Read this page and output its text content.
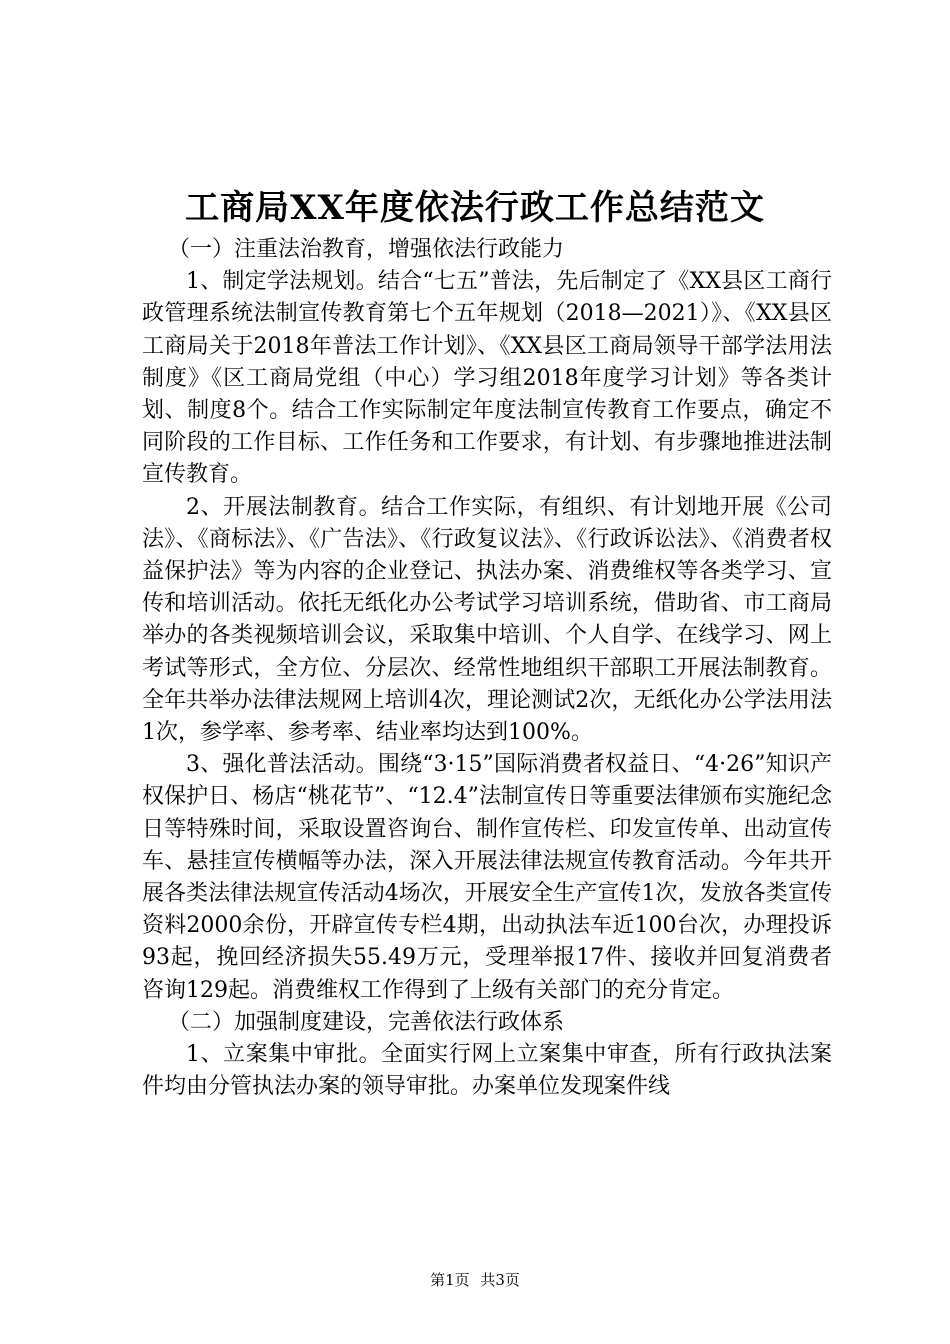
工商局XX年度依法行政工作总结范文

（一）注重法治教育，增强依法行政能力

1、制定学法规划。结合“七五”普法，先后制定了《XX县区工商行政管理系统法制宣传教育第七个五年规划（2018—2021）》、《XX县区工商局关于2018年普法工作计划》、《XX县区工商局领导干部学法用法制度》《区工商局党组（中心）学习组2018年度学习计划》等各类计划、制度8个。结合工作实际制定年度法制宣传教育工作要点，确定不同阶段的工作目标、工作任务和工作要求，有计划、有步骤地推进法制宣传教育。

2、开展法制教育。结合工作实际，有组织、有计划地开展《公司法》、《商标法》、《广告法》、《行政复议法》、《行政诉讼法》、《消费者权益保护法》等为内容的企业登记、执法办案、消费维权等各类学习、宣传和培训活动。依托无纸化办公考试学习培训系统，借助省、市工商局举办的各类视频培训会议，采取集中培训、个人自学、在线学习、网上考试等形式，全方位、分层次、经常性地组织干部职工开展法制教育。全年共举办法律法规网上培训4次，理论测试2次，无纸化办公学法用法1次，参学率、参考率、结业率均达到100%。

3、强化普法活动。围绕“3·15”国际消费者权益日、“4·26”知识产权保护日、杨店“桃花节”、“12.4”法制宣传日等重要法律颁布实施纪念日等特殊时间，采取设置咨询台、制作宣传栏、印发宣传单、出动宣传车、悬挂宣传横幅等办法，深入开展法律法规宣传教育活动。今年共开展各类法律法规宣传活动4场次，开展安全生产宣传1次，发放各类宣传资料2000余份，开辟宣传专栏4期，出动执法车近100台次，办理投诉93起，挽回经济损失55.49万元，受理举报17件、接收并回复消费者咨询129起。消费维权工作得到了上级有关部门的充分肯定。

（二）加强制度建设，完善依法行政体系

1、立案集中审批。全面实行网上立案集中审查，所有行政执法案件均由分管执法办案的领导审批。办案单位发现案件线

第1页 共3页
